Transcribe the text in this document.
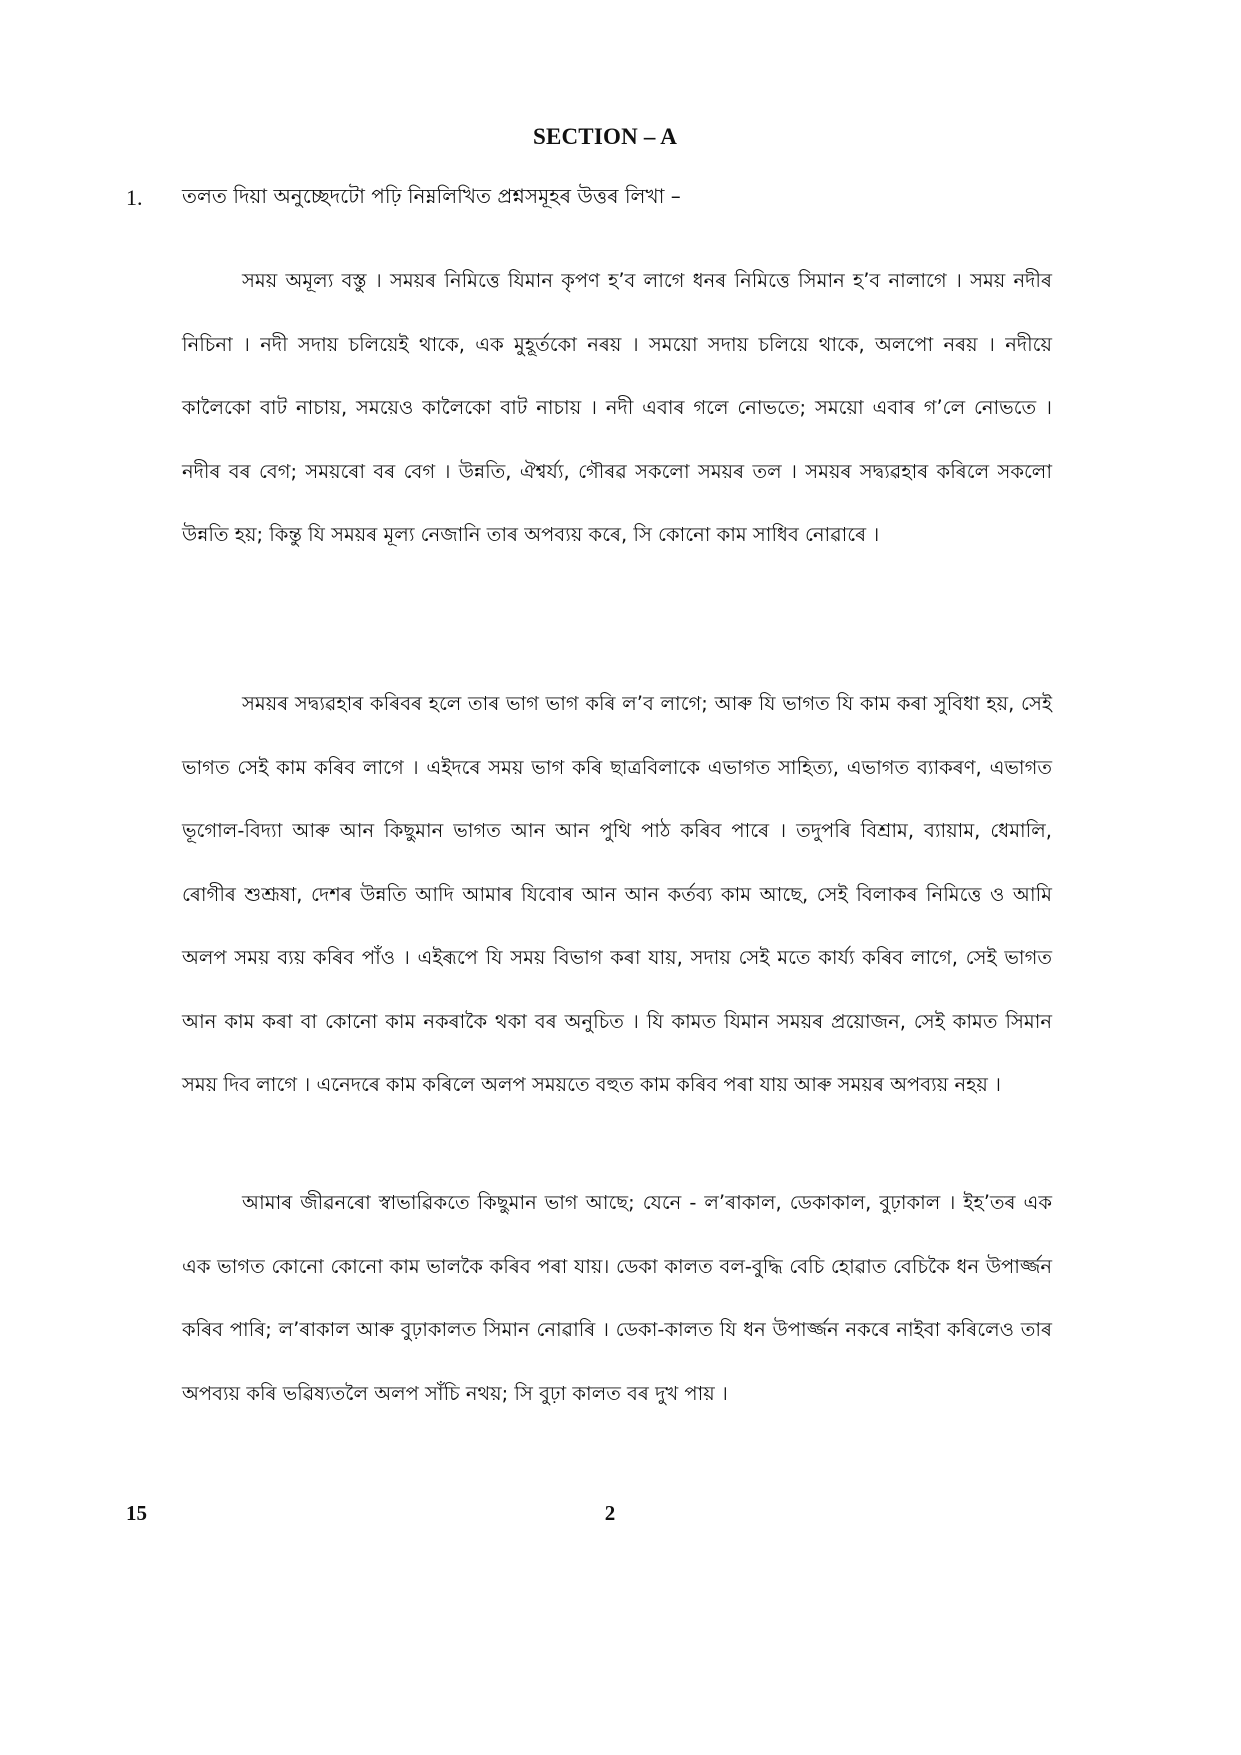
SECTION – A
1. তলত দিয়া অনুচ্ছেদটো পঢ়ি নিম্নলিখিত প্ৰশ্নসমূহৰ উত্তৰ লিখা –

সময় অমূল্য বস্তু । সময়ৰ নিমিত্তে যিমান কৃপণ হ’ব লাগে ধনৰ নিমিত্তে সিমান হ’ব নালাগে । সময় নদীৰ নিচিনা । নদী সদায় চলিয়েই থাকে, এক মুহূৰ্তকো নৰয় । সময়ো সদায় চলিয়ে থাকে, অলপো নৰয় । নদীয়ে কালৈকো বাট নাচায়, সময়েও কালৈকো বাট নাচায় । নদী এবাৰ গলে নোভতে; সময়ো এবাৰ গ’লে নোভতে । নদীৰ বৰ বেগ; সময়ৰো বৰ বেগ । উন্নতি, ঐশ্বৰ্য্য, গৌৰৱ সকলো সময়ৰ তল । সময়ৰ সদ্ব্যৱহাৰ কৰিলে সকলো উন্নতি হয়; কিন্তু যি সময়ৰ মূল্য নেজানি তাৰ অপব্যয় কৰে, সি কোনো কাম সাধিব নোৱাৰে ।

সময়ৰ সদ্ব্যৱহাৰ কৰিবৰ হলে তাৰ ভাগ ভাগ কৰি ল’ব লাগে; আৰু যি ভাগত যি কাম কৰা সুবিধা হয়, সেই ভাগত সেই কাম কৰিব লাগে । এইদৰে সময় ভাগ কৰি ছাত্ৰবিলাকে এভাগত সাহিত্য, এভাগত ব্যাকৰণ, এভাগত ভূগোল-বিদ্যা আৰু আন কিছুমান ভাগত আন আন পুথি পাঠ কৰিব পাৰে । তদুপৰি বিশ্ৰাম, ব্যায়াম, ধেমালি, ৰোগীৰ শুশ্ৰূষা, দেশৰ উন্নতি আদি আমাৰ যিবোৰ আন আন কৰ্তব্য কাম আছে, সেই বিলাকৰ নিমিত্তে ও আমি অলপ সময় ব্যয় কৰিব পাঁও । এইৰূপে যি সময় বিভাগ কৰা যায়, সদায় সেই মতে কাৰ্য্য কৰিব লাগে, সেই ভাগত আন কাম কৰা বা কোনো কাম নকৰাকৈ থকা বৰ অনুচিত । যি কামত যিমান সময়ৰ প্ৰয়োজন, সেই কামত সিমান সময় দিব লাগে । এনেদৰে কাম কৰিলে অলপ সময়তে বহুত কাম কৰিব পৰা যায় আৰু সময়ৰ অপব্যয় নহয় ।

আমাৰ জীৱনৰো স্বাভাৱিকতে কিছুমান ভাগ আছে; যেনে - ল’ৰাকাল, ডেকাকাল, বুঢ়াকাল । ইহ’তৰ এক এক ভাগত কোনো কোনো কাম ভালকৈ কৰিব পৰা যায়। ডেকা কালত বল-বুদ্ধি বেচি হোৱাত বেচিকৈ ধন উপাৰ্জ্জন কৰিব পাৰি; ল’ৰাকাল আৰু বুঢ়াকালত সিমান নোৱাৰি । ডেকা-কালত যি ধন উপাৰ্জ্জন নকৰে নাইবা কৰিলেও তাৰ অপব্যয় কৰি ভৱিষ্যতলৈ অলপ সাঁচি নথয়; সি বুঢ়া কালত বৰ দুখ পায় ।

15	2
